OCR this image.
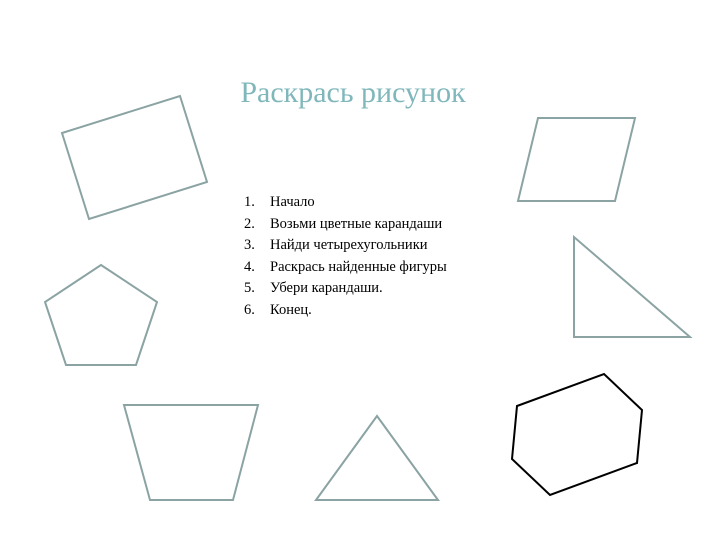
Раскрась рисунок
1.	Начало
2.	Возьми цветные карандаши
3.	Найди четырехугольники
4.	Раскрась найденные фигуры
5.	Убери карандаши.
6.	Конец.
